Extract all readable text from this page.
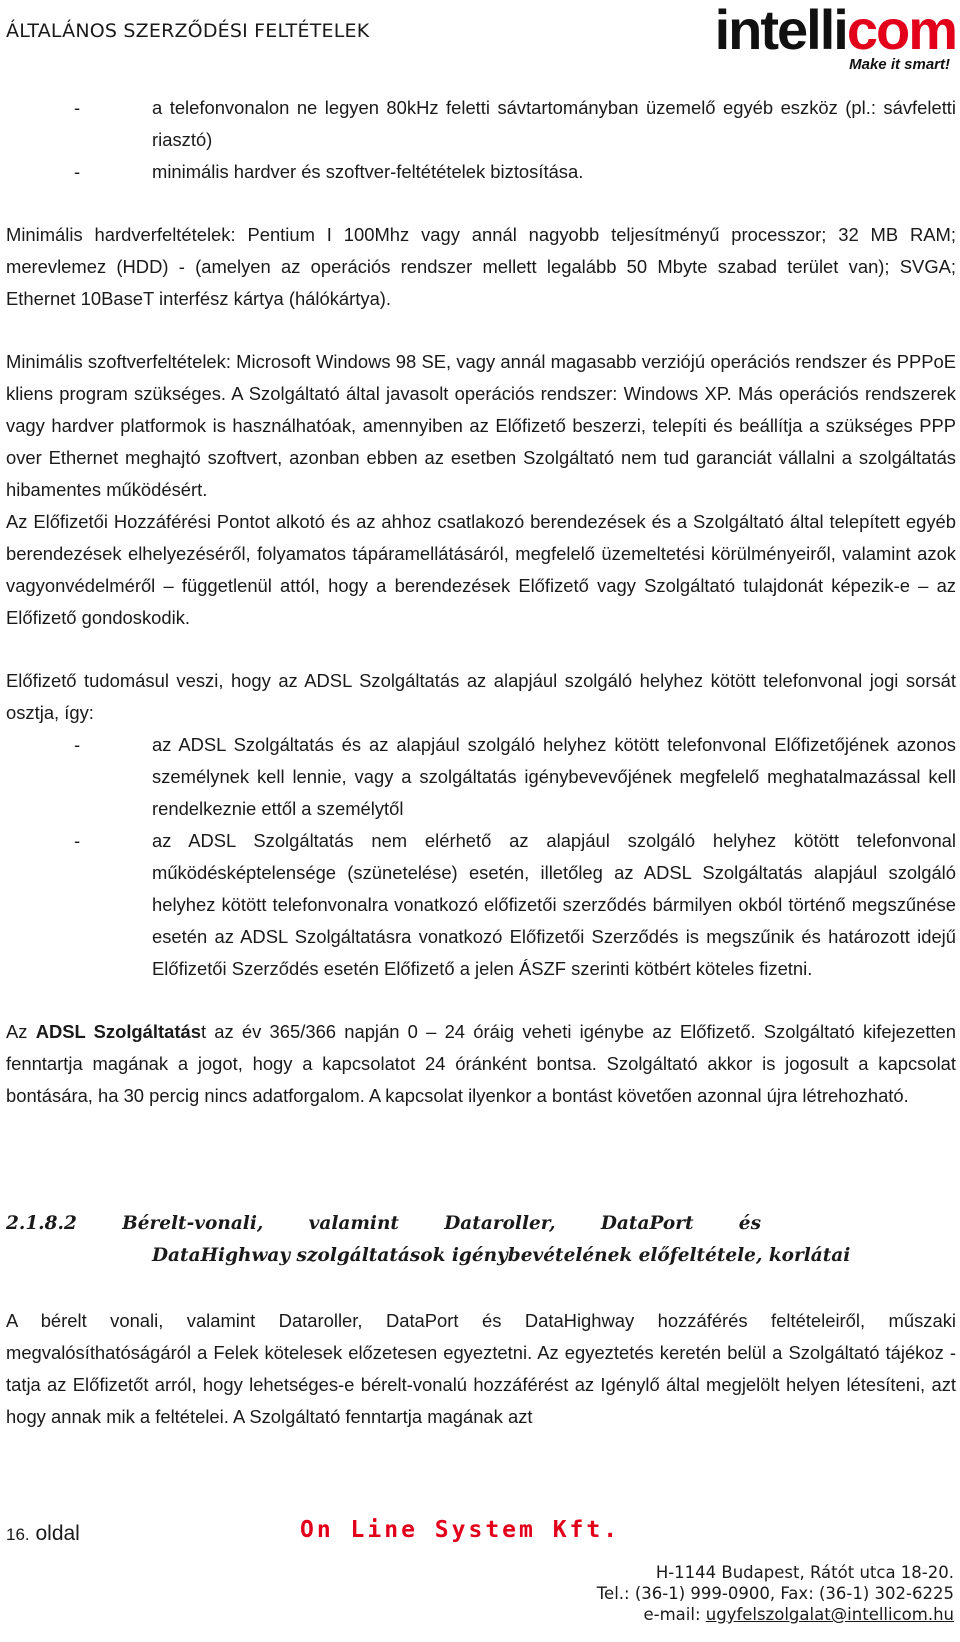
ÁLTALÁNOS SZERZŐDÉSI FELTÉTELEK	intellicom
Make it smart!
-	a telefonvonalon ne legyen 80kHz feletti sávtartományban üzemelő egyéb eszköz (pl.: sávfeletti riasztó)
-	minimális hardver és szoftver-feltétételek biztosítása.

Minimális hardverfeltételek: Pentium I 100Mhz vagy annál nagyobb teljesítményű processzor; 32 MB RAM; merevlemez (HDD) - (amelyen az operációs rendszer mellett legalább 50 Mbyte szabad terület van); SVGA; Ethernet 10BaseT interfész kártya (hálókártya).

Minimális szoftverfeltételek: Microsoft Windows 98 SE, vagy annál magasabb verziójú operációs rendszer és PPPoE kliens program szükséges. A Szolgáltató által javasolt operációs rendszer: Windows XP. Más operációs rendszerek vagy hardver platformok is használhatóak, amennyiben az Előfizető beszerzi, telepíti és beállítja a szükséges PPP over Ethernet meghajtó szoftvert, azonban ebben az esetben Szolgáltató nem tud garanciát vállalni a szolgáltatás hibamentes működésért.

Az Előfizetői Hozzáférési Pontot alkotó és az ahhoz csatlakozó berendezések és a Szolgáltató által telepített egyéb berendezések elhelyezéséről, folyamatos tápáramellátásáról, megfelelő üzemeltetési körülményeiről, valamint azok vagyonvédelméről – függetlenül attól, hogy a berendezések Előfizető vagy Szolgáltató tulajdonát képezik-e – az Előfizető gondoskodik.

Előfizető tudomásul veszi, hogy az ADSL Szolgáltatás az alapjául szolgáló helyhez kötött telefonvonal jogi sorsát osztja, így:

-	az ADSL Szolgáltatás és az alapjául szolgáló helyhez kötött telefonvonal Előfizetőjének azonos személynek kell lennie, vagy a szolgáltatás igénybevevőjének megfelelő meghatalmazással kell rendelkeznie ettől a személytől
-	az ADSL Szolgáltatás nem elérhető az alapjául szolgáló helyhez kötött telefonvonal működésképtelensége (szünetelése) esetén, illetőleg az ADSL Szolgáltatás alapjául szolgáló helyhez kötött telefonvonalra vonatkozó előfizetői szerződés bármilyen okból történő megszűnése esetén az ADSL Szolgáltatásra vonatkozó Előfizetői Szerződés is megszűnik és határozott idejű Előfizetői Szerződés esetén Előfizető a jelen ÁSZF szerinti kötbért köteles fizetni.

Az ADSL Szolgáltatást az év 365/366 napján 0 – 24 óráig veheti igénybe az Előfizető. Szolgáltató kifejezetten fenntartja magának a jogot, hogy a kapcsolatot 24 óránként bontsa. Szolgáltató akkor is jogosult a kapcsolat bontására, ha 30 percig nincs adatforgalom. A kapcsolat ilyenkor a bontást követően azonnal újra létrehozható.

2.1.8.2 Bérelt-vonali, valamint Dataroller, DataPort és
DataHighway szolgáltatások igénybevételének előfeltétele, korlátai

A bérelt vonali, valamint Dataroller, DataPort és DataHighway hozzáférés feltételeiről, műszaki megvalósíthatóságáról a Felek kötelesek előzetesen egyeztetni. Az egyeztetés keretén belül a Szolgáltató tájékoz - tatja az Előfizetőt arról, hogy lehetséges-e bérelt-vonalú hozzáférést az Igénylő által megjelölt helyen létesíteni, azt hogy annak mik a feltételei. A Szolgáltató fenntartja magának azt

16. oldal	On Line System Kft.
H-1144 Budapest, Rátót utca 18-20.
Tel.: (36-1) 999-0900, Fax: (36-1) 302-6225
e-mail: ugyfelszolgalat@intellicom.hu
